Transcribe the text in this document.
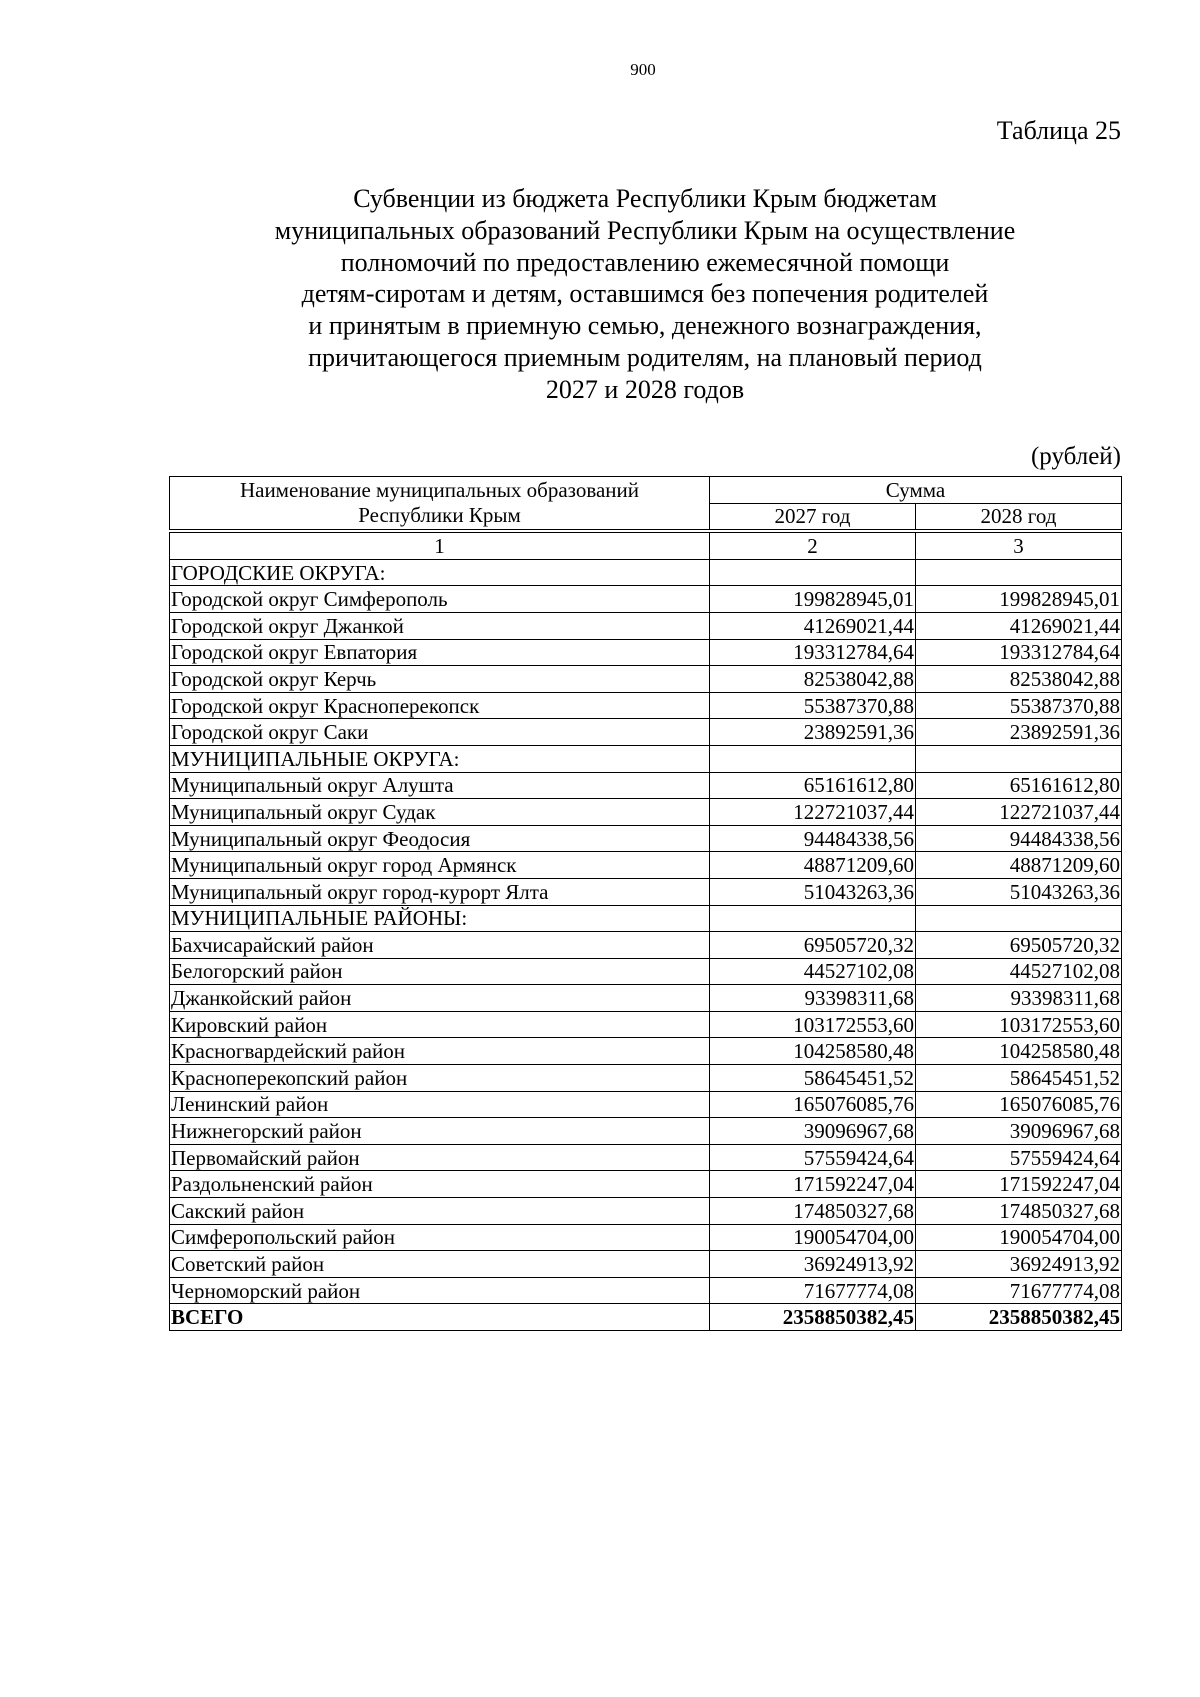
900
Таблица 25
Субвенции из бюджета Республики Крым бюджетам
муниципальных образований Республики Крым на осуществление
полномочий по предоставлению ежемесячной помощи
детям-сиротам и детям, оставшимся без попечения родителей
и принятым в приемную семью, денежного вознаграждения,
причитающегося приемным родителям, на плановый период
2027 и 2028 годов
(рублей)
Наименование муниципальных образований
Республики Крым	Сумма	
	2027 год	2028 год

1	2	3
ГОРОДСКИЕ ОКРУГА:		
Городской округ Симферополь	199828945,01	199828945,01
Городской округ Джанкой	41269021,44	41269021,44
Городской округ Евпатория	193312784,64	193312784,64
Городской округ Керчь	82538042,88	82538042,88
Городской округ Красноперекопск	55387370,88	55387370,88
Городской округ Саки	23892591,36	23892591,36
МУНИЦИПАЛЬНЫЕ ОКРУГА:		
Муниципальный округ Алушта	65161612,80	65161612,80
Муниципальный округ Судак	122721037,44	122721037,44
Муниципальный округ Феодосия	94484338,56	94484338,56
Муниципальный округ город Армянск	48871209,60	48871209,60
Муниципальный округ город-курорт Ялта	51043263,36	51043263,36
МУНИЦИПАЛЬНЫЕ РАЙОНЫ:		
Бахчисарайский район	69505720,32	69505720,32
Белогорский район	44527102,08	44527102,08
Джанкойский район	93398311,68	93398311,68
Кировский район	103172553,60	103172553,60
Красногвардейский район	104258580,48	104258580,48
Красноперекопский район	58645451,52	58645451,52
Ленинский район	165076085,76	165076085,76
Нижнегорский район	39096967,68	39096967,68
Первомайский район	57559424,64	57559424,64
Раздольненский район	171592247,04	171592247,04
Сакский район	174850327,68	174850327,68
Симферопольский район	190054704,00	190054704,00
Советский район	36924913,92	36924913,92
Черноморский район	71677774,08	71677774,08
ВСЕГО	2358850382,45	2358850382,45
